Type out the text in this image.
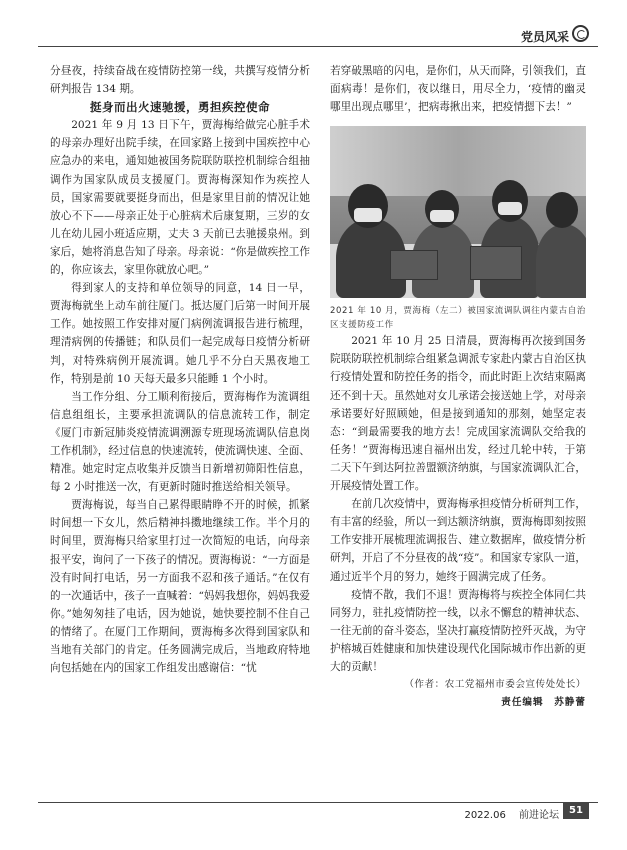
党员风采

分昼夜，持续奋战在疫情防控第一线，共撰写疫情分析研判报告 134 期。

挺身而出火速驰援，勇担疾控使命

2021 年 9 月 13 日下午，贾海梅给做完心脏手术的母亲办理好出院手续，在回家路上接到中国疾控中心应急办的来电，通知她被国务院联防联控机制综合组抽调作为国家队成员支援厦门。贾海梅深知作为疾控人员，国家需要就要挺身而出，但是家里目前的情况让她放心不下——母亲正处于心脏病术后康复期，三岁的女儿在幼儿园小班适应期，丈夫 3 天前已去驰援泉州。到家后，她将消息告知了母亲。母亲说：“你是做疾控工作的，你应该去，家里你就放心吧。”

得到家人的支持和单位领导的同意，14 日一早，贾海梅就坐上动车前往厦门。抵达厦门后第一时间开展工作。她按照工作安排对厦门病例流调报告进行梳理，理清病例的传播链；和队员们一起完成每日疫情分析研判，对特殊病例开展流调。她几乎不分白天黑夜地工作，特别是前 10 天每天最多只能睡 1 个小时。

当工作分组、分工顺利衔接后，贾海梅作为流调组信息组组长，主要承担流调队的信息流转工作，制定《厦门市新冠肺炎疫情流调溯源专班现场流调队信息岗工作机制》，经过信息的快速流转，使流调快速、全面、精准。她定时定点收集并反馈当日新增初筛阳性信息，每 2 小时推送一次，有更新时随时推送给相关领导。

贾海梅说，每当自己累得眼睛睁不开的时候，抓紧时间想一下女儿，然后精神抖擞地继续工作。半个月的时间里，贾海梅只给家里打过一次简短的电话，向母亲报平安，询问了一下孩子的情况。贾海梅说：“一方面是没有时间打电话，另一方面我不忍和孩子通话。”在仅有的一次通话中，孩子一直喊着：“妈妈我想你，妈妈我爱你。”她匆匆挂了电话，因为她说，她快要控制不住自己的情绪了。在厦门工作期间，贾海梅多次得到国家队和当地有关部门的肯定。任务圆满完成后，当地政府特地向包括她在内的国家工作组发出感谢信：“忧

若穿破黑暗的闪电，是你们，从天而降，引领我们，直面病毒！是你们，夜以继日，用尽全力，‘疫情的幽灵哪里出现点哪里’，把病毒揪出来，把疫情摁下去！”

2021 年 10 月，贾海梅（左二）被国家流调队调往内蒙古自治区支援防疫工作

2021 年 10 月 25 日清晨，贾海梅再次接到国务院联防联控机制综合组紧急调派专家赴内蒙古自治区执行疫情处置和防控任务的指令，而此时距上次结束隔离还不到十天。虽然她对女儿承诺会接送她上学，对母亲承诺要好好照顾她，但是接到通知的那刻，她坚定表态：“到最需要我的地方去！完成国家流调队交给我的任务！”贾海梅迅速自福州出发，经过几轮中转，于第二天下午到达阿拉善盟额济纳旗，与国家流调队汇合，开展疫情处置工作。

在前几次疫情中，贾海梅承担疫情分析研判工作，有丰富的经验，所以一到达额济纳旗，贾海梅即刻按照工作安排开展梳理流调报告、建立数据库，做疫情分析研判，开启了不分昼夜的战“疫”。和国家专家队一道，通过近半个月的努力，她终于圆满完成了任务。

疫情不散，我们不退！贾海梅将与疾控全体同仁共同努力，驻扎疫情防控一线，以永不懈怠的精神状态、一往无前的奋斗姿态，坚决打赢疫情防控歼灭战，为守护榕城百姓健康和加快建设现代化国际城市作出新的更大的贡献！

（作者：农工党福州市委会宣传处处长）

责任编辑　苏静蕾

2022.06 前进论坛	51
